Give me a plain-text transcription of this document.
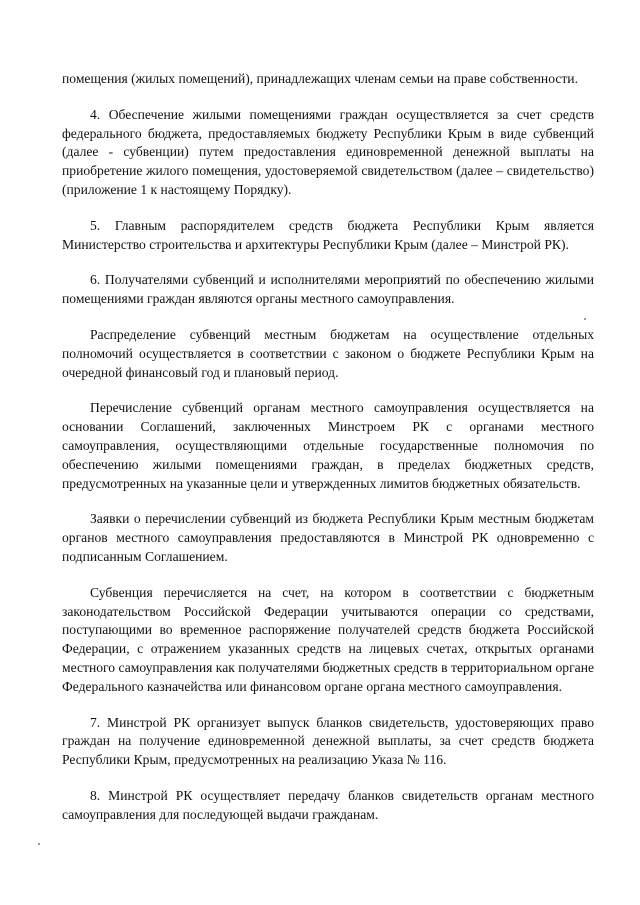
помещения (жилых помещений), принадлежащих членам семьи на праве собственности.

4. Обеспечение жилыми помещениями граждан осуществляется за счет средств федерального бюджета, предоставляемых бюджету Республики Крым в виде субвенций (далее - субвенции) путем предоставления единовременной денежной выплаты на приобретение жилого помещения, удостоверяемой свидетельством (далее – свидетельство) (приложение 1 к настоящему Порядку).

5. Главным распорядителем средств бюджета Республики Крым является Министерство строительства и архитектуры Республики Крым (далее – Минстрой РК).

6. Получателями субвенций и исполнителями мероприятий по обеспечению жилыми помещениями граждан являются органы местного самоуправления.

Распределение субвенций местным бюджетам на осуществление отдельных полномочий осуществляется в соответствии с законом о бюджете Республики Крым на очередной финансовый год и плановый период.

Перечисление субвенций органам местного самоуправления осуществляется на основании Соглашений, заключенных Минстроем РК с органами местного самоуправления, осуществляющими отдельные государственные полномочия по обеспечению жилыми помещениями граждан, в пределах бюджетных средств, предусмотренных на указанные цели и утвержденных лимитов бюджетных обязательств.

Заявки о перечислении субвенций из бюджета Республики Крым местным бюджетам органов местного самоуправления предоставляются в Минстрой РК одновременно с подписанным Соглашением.

Субвенция перечисляется на счет, на котором в соответствии с бюджетным законодательством Российской Федерации учитываются операции со средствами, поступающими во временное распоряжение получателей средств бюджета Российской Федерации, с отражением указанных средств на лицевых счетах, открытых органами местного самоуправления как получателями бюджетных средств в территориальном органе Федерального казначейства или финансовом органе органа местного самоуправления.

7. Минстрой РК организует выпуск бланков свидетельств, удостоверяющих право граждан на получение единовременной денежной выплаты, за счет средств бюджета Республики Крым, предусмотренных на реализацию Указа № 116.

8. Минстрой РК осуществляет передачу бланков свидетельств органам местного самоуправления для последующей выдачи гражданам.
